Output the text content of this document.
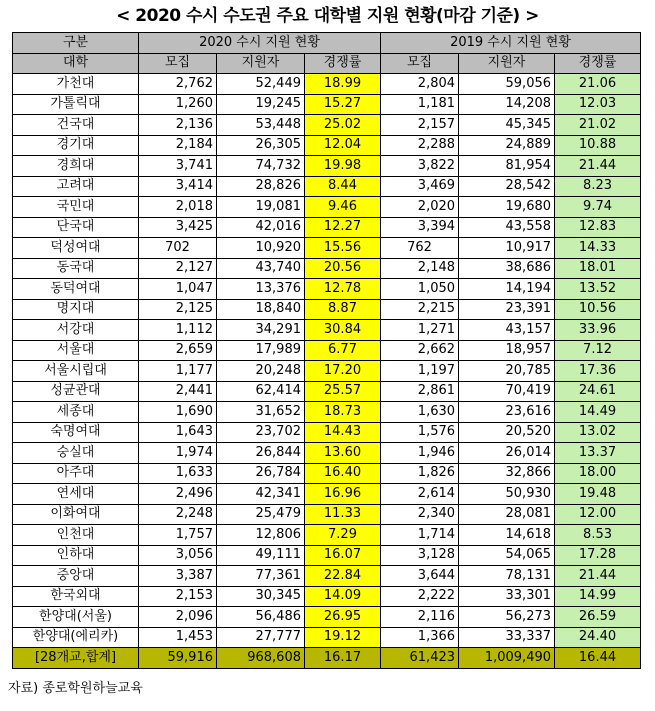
< 2020 수시 수도권 주요 대학별 지원 현황(마감 기준) >
구분	2020 수시 지원 현황			2019 수시 지원 현황		
대학	모집	지원자	경쟁률	모집	지원자	경쟁률
가천대	2,762	52,449	18.99	2,804	59,056	21.06
가톨릭대	1,260	19,245	15.27	1,181	14,208	12.03
건국대	2,136	53,448	25.02	2,157	45,345	21.02
경기대	2,184	26,305	12.04	2,288	24,889	10.88
경희대	3,741	74,732	19.98	3,822	81,954	21.44
고려대	3,414	28,826	8.44	3,469	28,542	8.23
국민대	2,018	19,081	9.46	2,020	19,680	9.74
단국대	3,425	42,016	12.27	3,394	43,558	12.83
덕성여대	702	10,920	15.56	762	10,917	14.33
동국대	2,127	43,740	20.56	2,148	38,686	18.01
동덕여대	1,047	13,376	12.78	1,050	14,194	13.52
명지대	2,125	18,840	8.87	2,215	23,391	10.56
서강대	1,112	34,291	30.84	1,271	43,157	33.96
서울대	2,659	17,989	6.77	2,662	18,957	7.12
서울시립대	1,177	20,248	17.20	1,197	20,785	17.36
성균관대	2,441	62,414	25.57	2,861	70,419	24.61
세종대	1,690	31,652	18.73	1,630	23,616	14.49
숙명여대	1,643	23,702	14.43	1,576	20,520	13.02
숭실대	1,974	26,844	13.60	1,946	26,014	13.37
아주대	1,633	26,784	16.40	1,826	32,866	18.00
연세대	2,496	42,341	16.96	2,614	50,930	19.48
이화여대	2,248	25,479	11.33	2,340	28,081	12.00
인천대	1,757	12,806	7.29	1,714	14,618	8.53
인하대	3,056	49,111	16.07	3,128	54,065	17.28
중앙대	3,387	77,361	22.84	3,644	78,131	21.44
한국외대	2,153	30,345	14.09	2,222	33,301	14.99
한양대(서울)	2,096	56,486	26.95	2,116	56,273	26.59
한양대(에리카)	1,453	27,777	19.12	1,366	33,337	24.40
[28개교,합계]	59,916	968,608	16.17	61,423	1,009,490	16.44
자료) 종로학원하늘교육
